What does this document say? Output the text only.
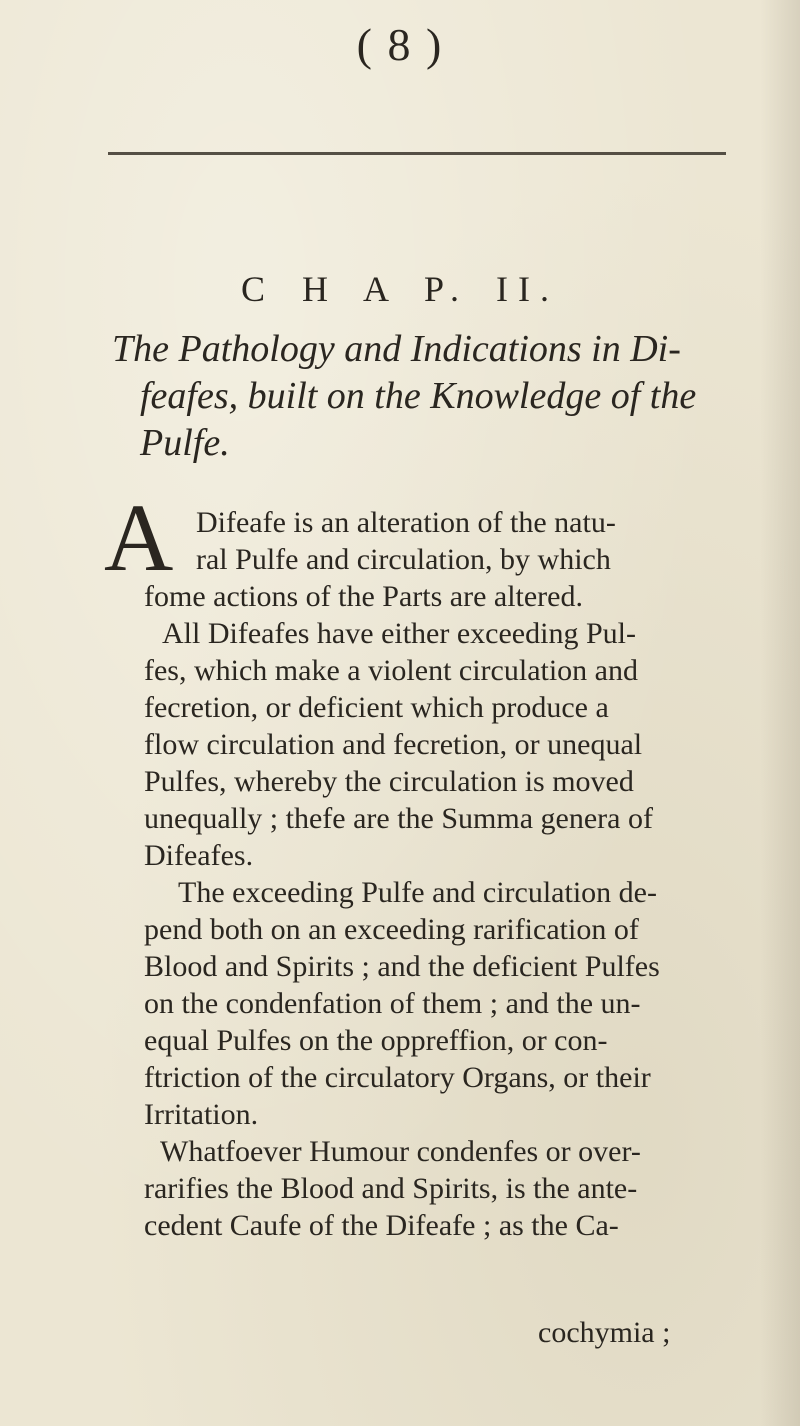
( 8 )
C H A P. II.
The Pathology and Indications in Di-
feafes, built on the Knowledge of the
Pulfe.
A Difeafe is an alteration of the natu-
ral Pulfe and circulation, by which
fome actions of the Parts are altered.
All Difeafes have either exceeding Pul-
fes, which make a violent circulation and
fecretion, or deficient which produce a
flow circulation and fecretion, or unequal
Pulfes, whereby the circulation is moved
unequally ; thefe are the Summa genera of
Difeafes.
The exceeding Pulfe and circulation de-
pend both on an exceeding rarification of
Blood and Spirits ; and the deficient Pulfes
on the condenfation of them ; and the un-
equal Pulfes on the oppreffion, or con-
ftriction of the circulatory Organs, or their
Irritation.
Whatfoever Humour condenfes or over-
rarifies the Blood and Spirits, is the ante-
cedent Caufe of the Difeafe ; as the Ca-
cochymia ;
